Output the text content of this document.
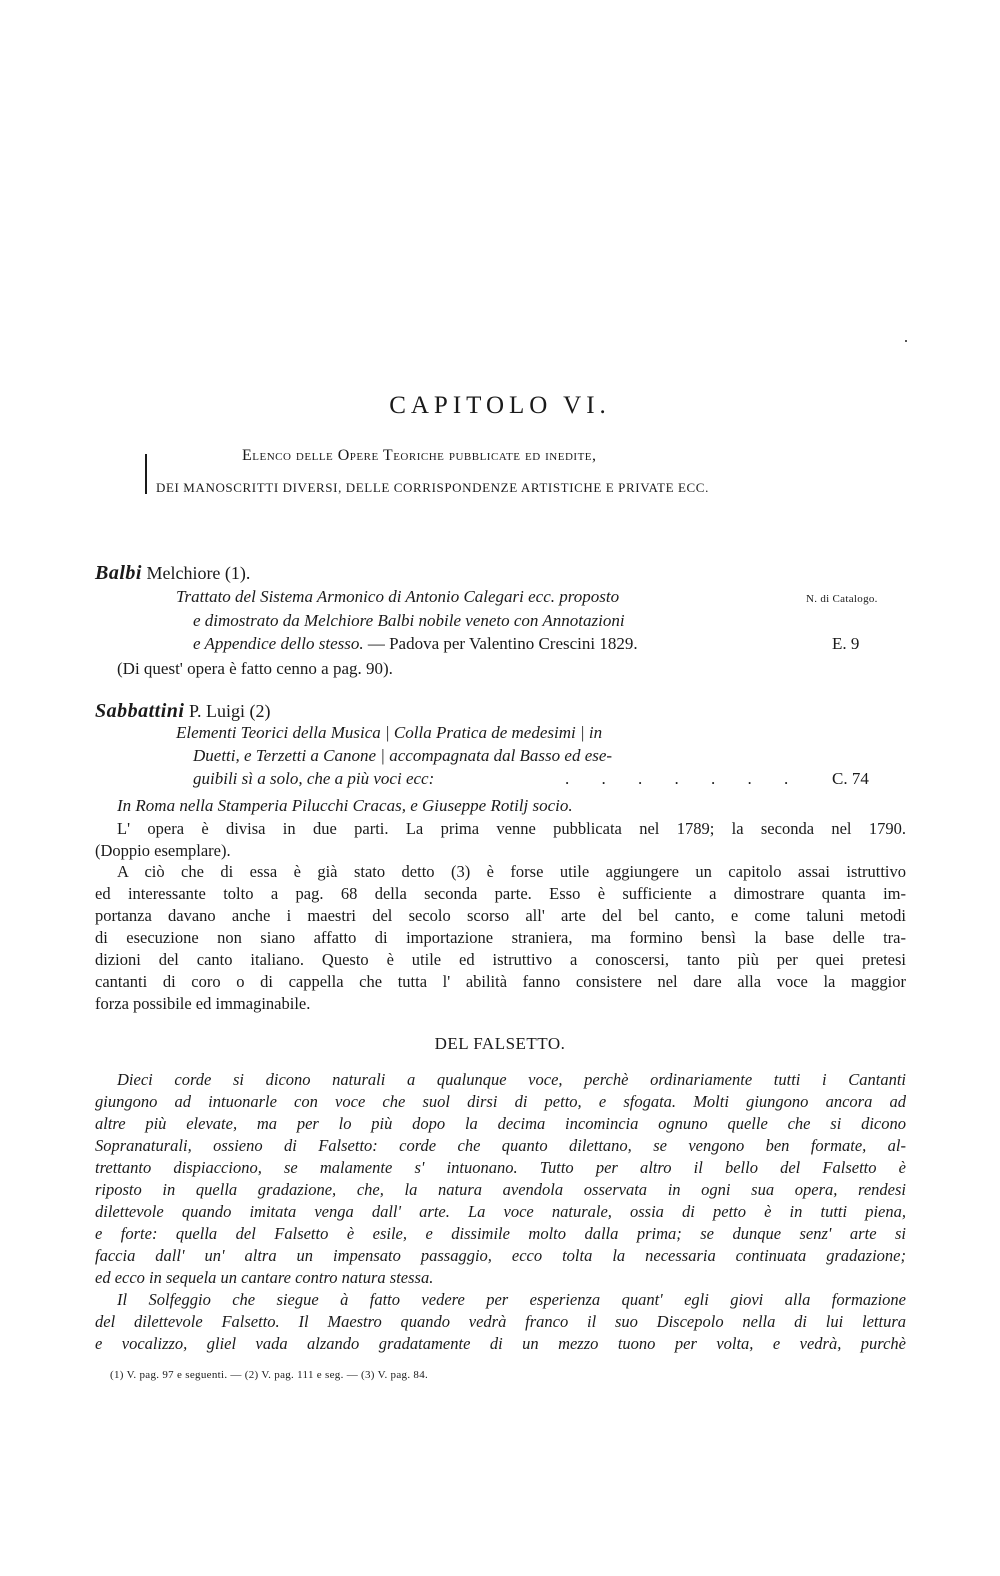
CAPITOLO VI.
Elenco delle Opere Teoriche pubblicate ed inedite,
DEI MANOSCRITTI DIVERSI, DELLE CORRISPONDENZE ARTISTICHE E PRIVATE ECC.
Balbi Melchiore (1).
Trattato del Sistema Armonico di Antonio Calegari ecc. proposto	N. di Catalogo.
e dimostrato da Melchiore Balbi nobile veneto con Annotazioni
e Appendice dello stesso. — Padova per Valentino Crescini 1829.	E. 9
(Di quest' opera è fatto cenno a pag. 90).
Sabbattini P. Luigi (2)
Elementi Teorici della Musica | Colla Pratica de medesimi | in
Duetti, e Terzetti a Canone | accompagnata dal Basso ed ese-
guibili sì a solo, che a più voci ecc:	. . . . . . . C. 74
In Roma nella Stamperia Pilucchi Cracas, e Giuseppe Rotilj socio.
L' opera è divisa in due parti. La prima venne pubblicata nel 1789; la seconda nel 1790.
(Doppio esemplare).
A ciò che di essa è già stato detto (3) è forse utile aggiungere un capitolo assai istruttivo
ed interessante tolto a pag. 68 della seconda parte. Esso è sufficiente a dimostrare quanta im-
portanza davano anche i maestri del secolo scorso all' arte del bel canto, e come taluni metodi
di esecuzione non siano affatto di importazione straniera, ma formino bensì la base delle tra-
dizioni del canto italiano. Questo è utile ed istruttivo a conoscersi, tanto più per quei pretesi
cantanti di coro o di cappella che tutta l' abilità fanno consistere nel dare alla voce la maggior
forza possibile ed immaginabile.
DEL FALSETTO.
Dieci corde si dicono naturali a qualunque voce, perchè ordinariamente tutti i Cantanti
giungono ad intuonarle con voce che suol dirsi di petto, e sfogata. Molti giungono ancora ad
altre più elevate, ma per lo più dopo la decima incomincia ognuno quelle che si dicono
Sopranaturali, ossieno di Falsetto: corde che quanto dilettano, se vengono ben formate, al-
trettanto dispiacciono, se malamente s' intuonano. Tutto per altro il bello del Falsetto è
riposto in quella gradazione, che, la natura avendola osservata in ogni sua opera, rendesi
dilettevole quando imitata venga dall' arte. La voce naturale, ossia di petto è in tutti piena,
e forte: quella del Falsetto è esile, e dissimile molto dalla prima; se dunque senz' arte si
faccia dall' un' altra un impensato passaggio, ecco tolta la necessaria continuata gradazione;
ed ecco in sequela un cantare contro natura stessa.
Il Solfeggio che siegue à fatto vedere per esperienza quant' egli giovi alla formazione
del dilettevole Falsetto. Il Maestro quando vedrà franco il suo Discepolo nella di lui lettura
e vocalizzo, gliel vada alzando gradatamente di un mezzo tuono per volta, e vedrà, purchè
(1) V. pag. 97 e seguenti. — (2) V. pag. 111 e seg. — (3) V. pag. 84.
